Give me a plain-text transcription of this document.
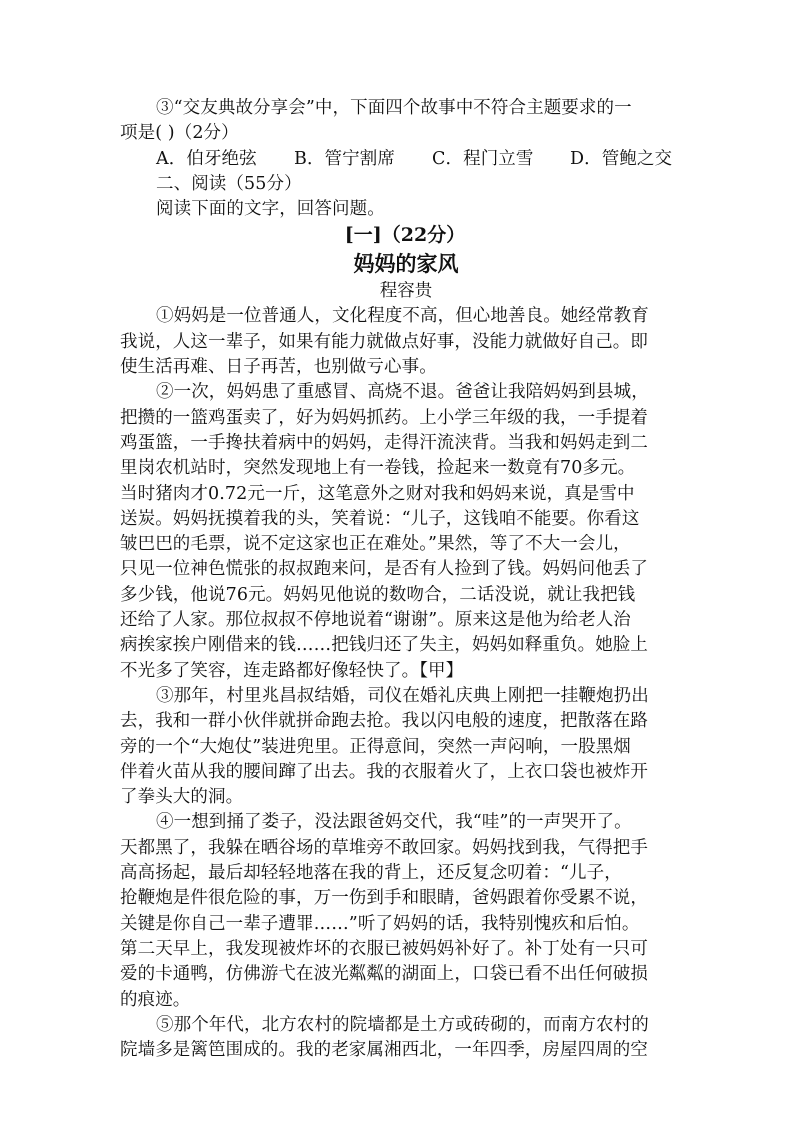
③“交友典故分享会”中，下面四个故事中不符合主题要求的一
项是( )（2分）
A．伯牙绝弦 B．管宁割席 C．程门立雪 D．管鲍之交
二、阅读（55分）
阅读下面的文字，回答问题。
[一]（22分）
妈妈的家风
程容贵
①妈妈是一位普通人，文化程度不高，但心地善良。她经常教育
我说，人这一辈子，如果有能力就做点好事，没能力就做好自己。即
使生活再难、日子再苦，也别做亏心事。
②一次，妈妈患了重感冒、高烧不退。爸爸让我陪妈妈到县城，
把攒的一篮鸡蛋卖了，好为妈妈抓药。上小学三年级的我，一手提着
鸡蛋篮，一手搀扶着病中的妈妈，走得汗流浃背。当我和妈妈走到二
里岗农机站时，突然发现地上有一卷钱，捡起来一数竟有70多元。
当时猪肉才0.72元一斤，这笔意外之财对我和妈妈来说，真是雪中
送炭。妈妈抚摸着我的头，笑着说：“儿子，这钱咱不能要。你看这
皱巴巴的毛票，说不定这家也正在难处。”果然，等了不大一会儿，
只见一位神色慌张的叔叔跑来问，是否有人捡到了钱。妈妈问他丢了
多少钱，他说76元。妈妈见他说的数吻合，二话没说，就让我把钱
还给了人家。那位叔叔不停地说着“谢谢”。原来这是他为给老人治
病挨家挨户刚借来的钱……把钱归还了失主，妈妈如释重负。她脸上
不光多了笑容，连走路都好像轻快了。【甲】
③那年，村里兆昌叔结婚，司仪在婚礼庆典上刚把一挂鞭炮扔出
去，我和一群小伙伴就拼命跑去抢。我以闪电般的速度，把散落在路
旁的一个“大炮仗”装进兜里。正得意间，突然一声闷响，一股黑烟
伴着火苗从我的腰间蹿了出去。我的衣服着火了，上衣口袋也被炸开
了拳头大的洞。
④一想到捅了娄子，没法跟爸妈交代，我“哇”的一声哭开了。
天都黑了，我躲在晒谷场的草堆旁不敢回家。妈妈找到我，气得把手
高高扬起，最后却轻轻地落在我的背上，还反复念叨着：“儿子，
抢鞭炮是件很危险的事，万一伤到手和眼睛，爸妈跟着你受累不说，
关键是你自己一辈子遭罪……”听了妈妈的话，我特别愧疚和后怕。
第二天早上，我发现被炸坏的衣服已被妈妈补好了。补丁处有一只可
爱的卡通鸭，仿佛游弋在波光粼粼的湖面上，口袋已看不出任何破损
的痕迹。
⑤那个年代，北方农村的院墙都是土方或砖砌的，而南方农村的
院墙多是篱笆围成的。我的老家属湘西北，一年四季，房屋四周的空
